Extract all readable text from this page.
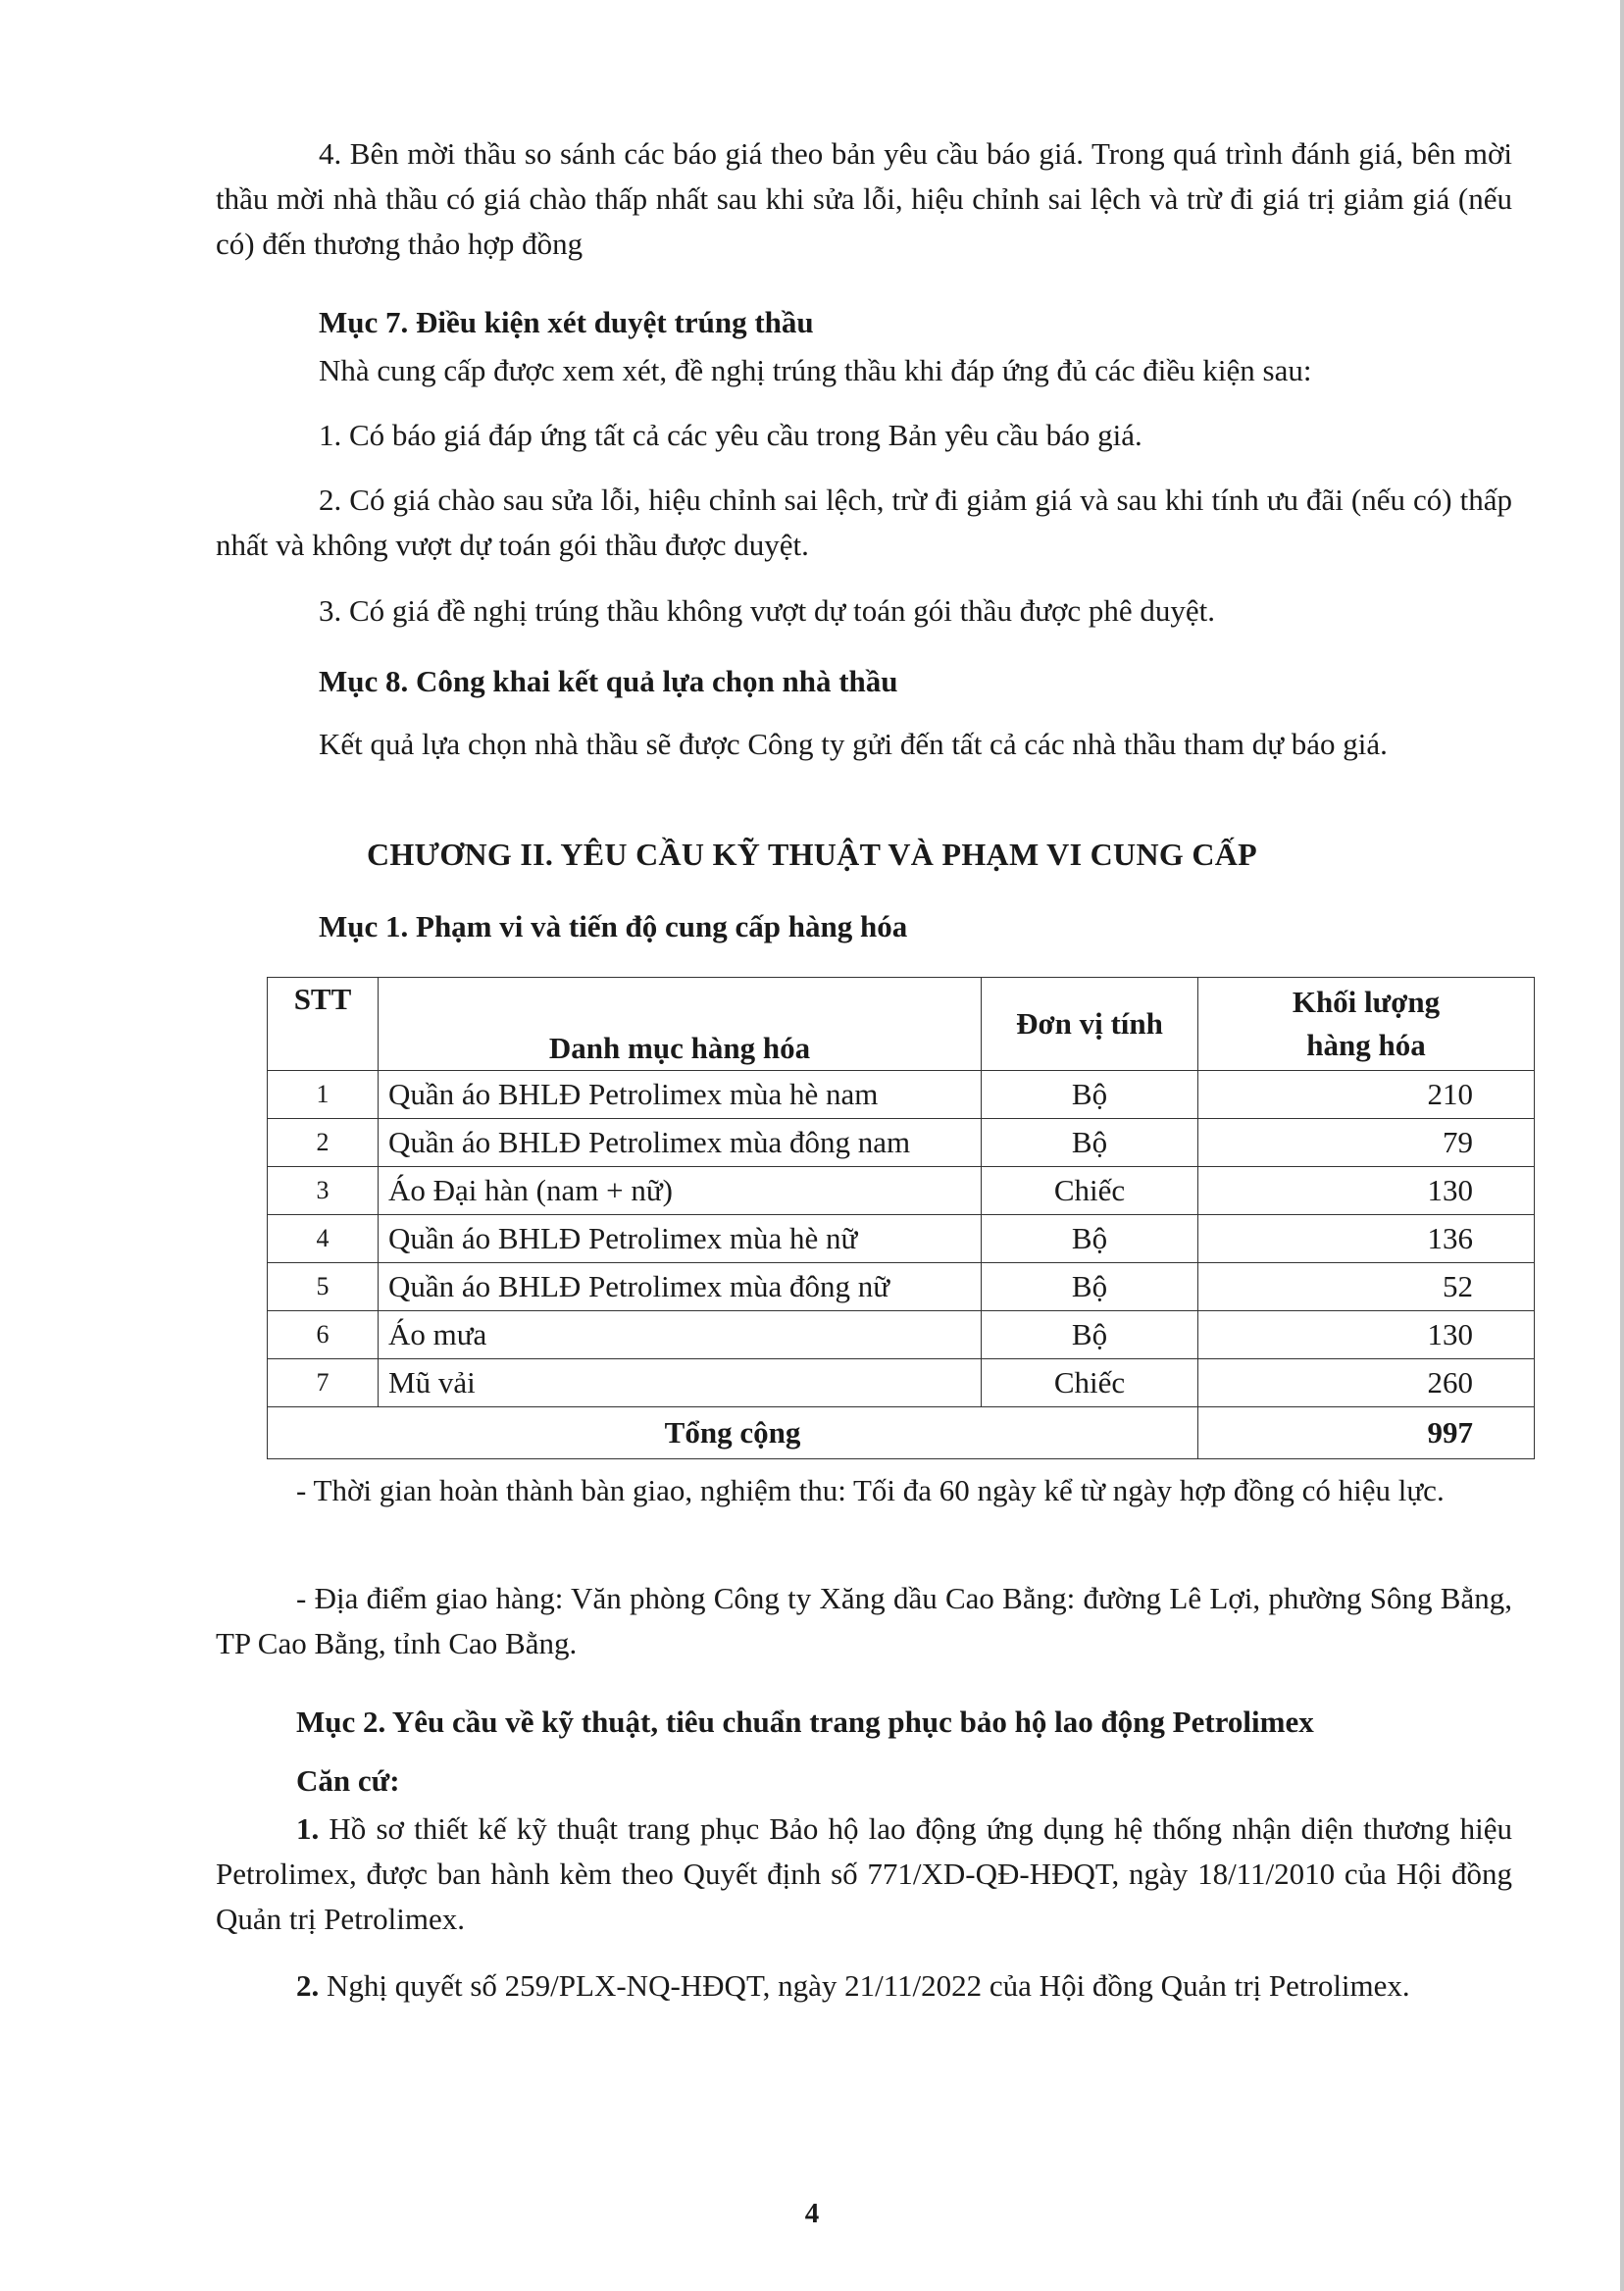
4. Bên mời thầu so sánh các báo giá theo bản yêu cầu báo giá. Trong quá trình đánh giá, bên mời thầu mời nhà thầu có giá chào thấp nhất sau khi sửa lỗi, hiệu chỉnh sai lệch và trừ đi giá trị giảm giá (nếu có) đến thương thảo hợp đồng

Mục 7. Điều kiện xét duyệt trúng thầu

Nhà cung cấp được xem xét, đề nghị trúng thầu khi đáp ứng đủ các điều kiện sau:

1. Có báo giá đáp ứng tất cả các yêu cầu trong Bản yêu cầu báo giá.

2. Có giá chào sau sửa lỗi, hiệu chỉnh sai lệch, trừ đi giảm giá và sau khi tính ưu đãi (nếu có) thấp nhất và không vượt dự toán gói thầu được duyệt.

3. Có giá đề nghị trúng thầu không vượt dự toán gói thầu được phê duyệt.

Mục 8. Công khai kết quả lựa chọn nhà thầu

Kết quả lựa chọn nhà thầu sẽ được Công ty gửi đến tất cả các nhà thầu tham dự báo giá.

CHƯƠNG II. YÊU CẦU KỸ THUẬT VÀ PHẠM VI CUNG CẤP

Mục 1. Phạm vi và tiến độ cung cấp hàng hóa

STT	Danh mục hàng hóa	Đơn vị tính	Khối lượng
hàng hóa

1	Quần áo BHLĐ Petrolimex mùa hè nam	Bộ	210
2	Quần áo BHLĐ Petrolimex mùa đông nam	Bộ	79
3	Áo Đại hàn (nam + nữ)	Chiếc	130
4	Quần áo BHLĐ Petrolimex mùa hè nữ	Bộ	136
5	Quần áo BHLĐ Petrolimex mùa đông nữ	Bộ	52
6	Áo mưa	Bộ	130
7	Mũ vải	Chiếc	260
Tổng cộng			997

- Thời gian hoàn thành bàn giao, nghiệm thu: Tối đa 60 ngày kể từ ngày hợp đồng có hiệu lực.

- Địa điểm giao hàng: Văn phòng Công ty Xăng dầu Cao Bằng: đường Lê Lợi, phường Sông Bằng, TP Cao Bằng, tỉnh Cao Bằng.

Mục 2. Yêu cầu về kỹ thuật, tiêu chuẩn trang phục bảo hộ lao động Petrolimex

Căn cứ:

1. Hồ sơ thiết kế kỹ thuật trang phục Bảo hộ lao động ứng dụng hệ thống nhận diện thương hiệu Petrolimex, được ban hành kèm theo Quyết định số 771/XD-QĐ-HĐQT, ngày 18/11/2010 của Hội đồng Quản trị Petrolimex.

2. Nghị quyết số 259/PLX-NQ-HĐQT, ngày 21/11/2022 của Hội đồng Quản trị Petrolimex.

4
